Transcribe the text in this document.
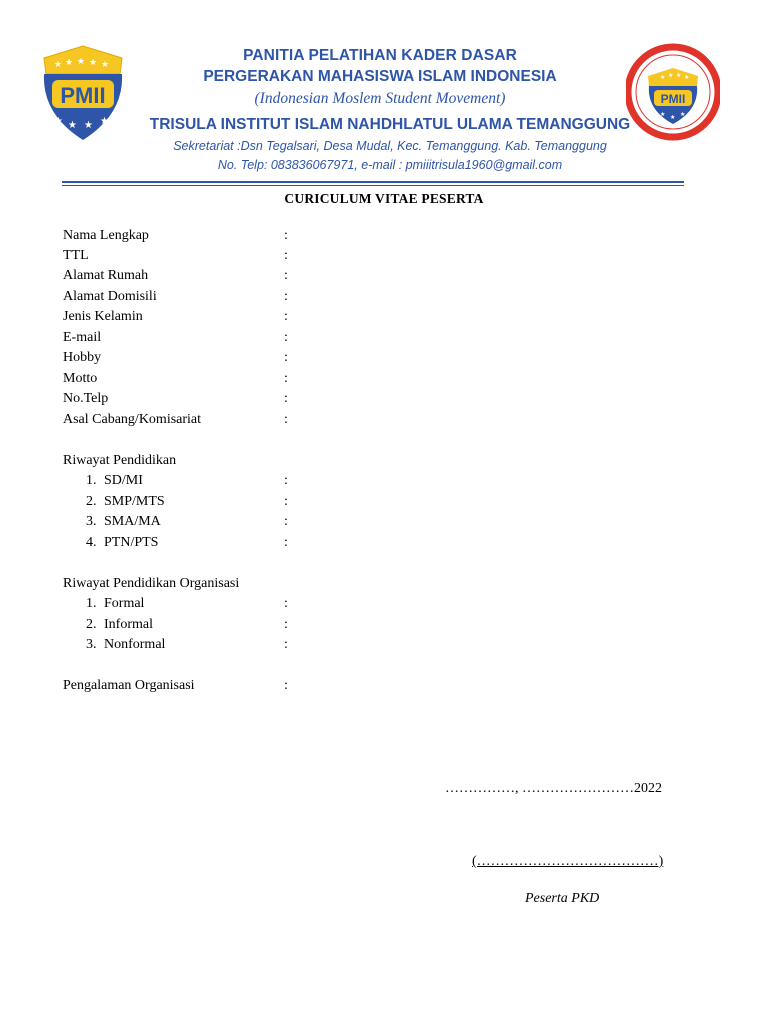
★ ★ ★ ★ ★
PMII
★ ★ ★ ★
PMII
★ ★ ★ ★
★ ★ ★
PANITIA PELATIHAN KADER DASAR
PERGERAKAN MAHASISWA ISLAM INDONESIA
(Indonesian Moslem Student Movement)
TRISULA INSTITUT ISLAM NAHDHLATUL ULAMA TEMANGGUNG
Sekretariat :Dsn Tegalsari, Desa Mudal, Kec. Temanggung. Kab. Temanggung
No. Telp: 083836067971, e-mail : pmiiitrisula1960@gmail.com
CURICULUM VITAE PESERTA
Nama Lengkap	:
TTL	:
Alamat Rumah	:
Alamat Domisili	:
Jenis Kelamin	:
E-mail	:
Hobby	:
Motto	:
No.Telp	:
Asal Cabang/Komisariat	:
Riwayat Pendidikan
1. SD/MI	:
2. SMP/MTS	:
3. SMA/MA	:
4. PTN/PTS	:
Riwayat Pendidikan Organisasi
1. Formal	:
2. Informal	:
3. Nonformal	:
Pengalaman Organisasi	:
……………, ……………………2022
(…………………………………)
Peserta PKD
